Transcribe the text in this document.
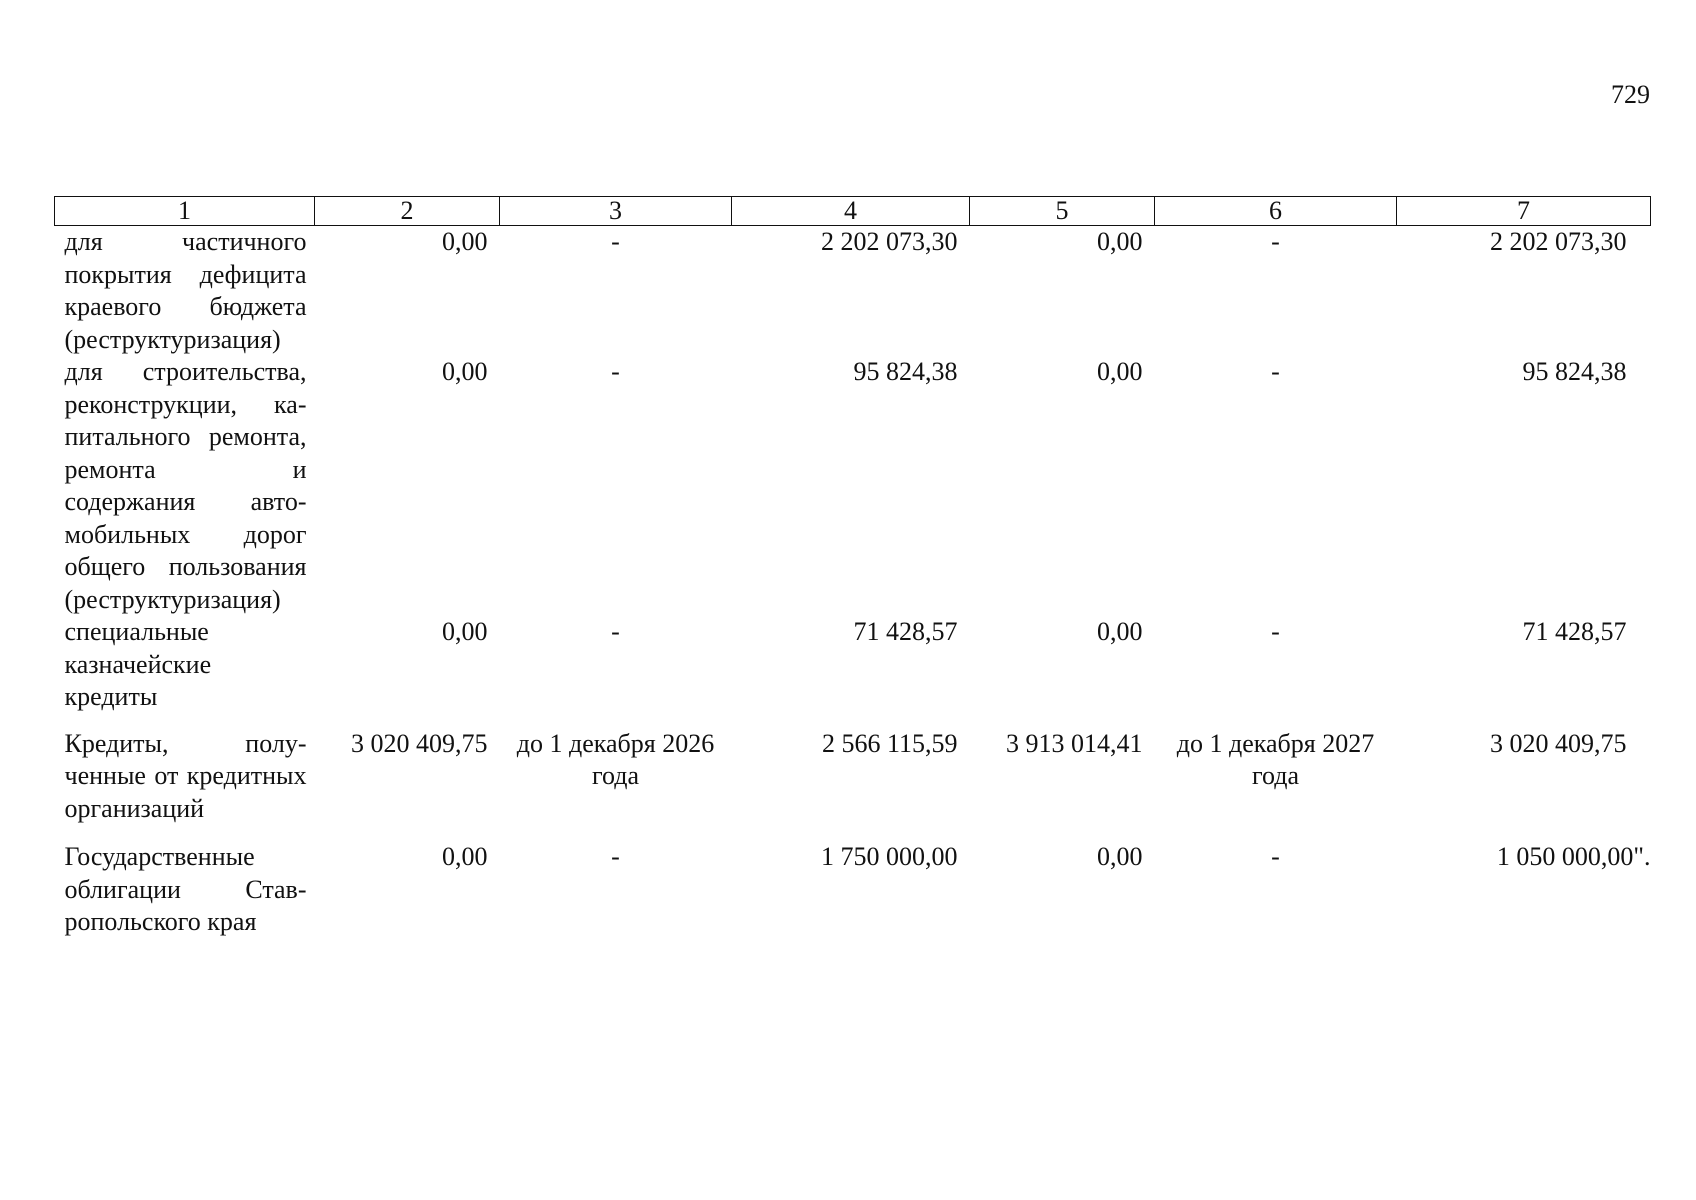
729
1	2	3	4	5	6	7
для частичного покрытия дефицита краевого бюджета (реструктуризация)	0,00	-	2 202 073,30	0,00	-	2 202 073,30
для строительства, реконструкции, капитального ремонта, ремонта и содержания автомобильных дорог общего пользования (реструктуризация)	0,00	-	95 824,38	0,00	-	95 824,38
специальные казначейские кредиты	0,00	-	71 428,57	0,00	-	71 428,57
Кредиты, полученные от кредитных организаций	3 020 409,75	до 1 декабря 2026 года	2 566 115,59	3 913 014,41	до 1 декабря 2027 года	3 020 409,75
Государственные облигации Ставропольского края	0,00	-	1 750 000,00	0,00	-	1 050 000,00".
